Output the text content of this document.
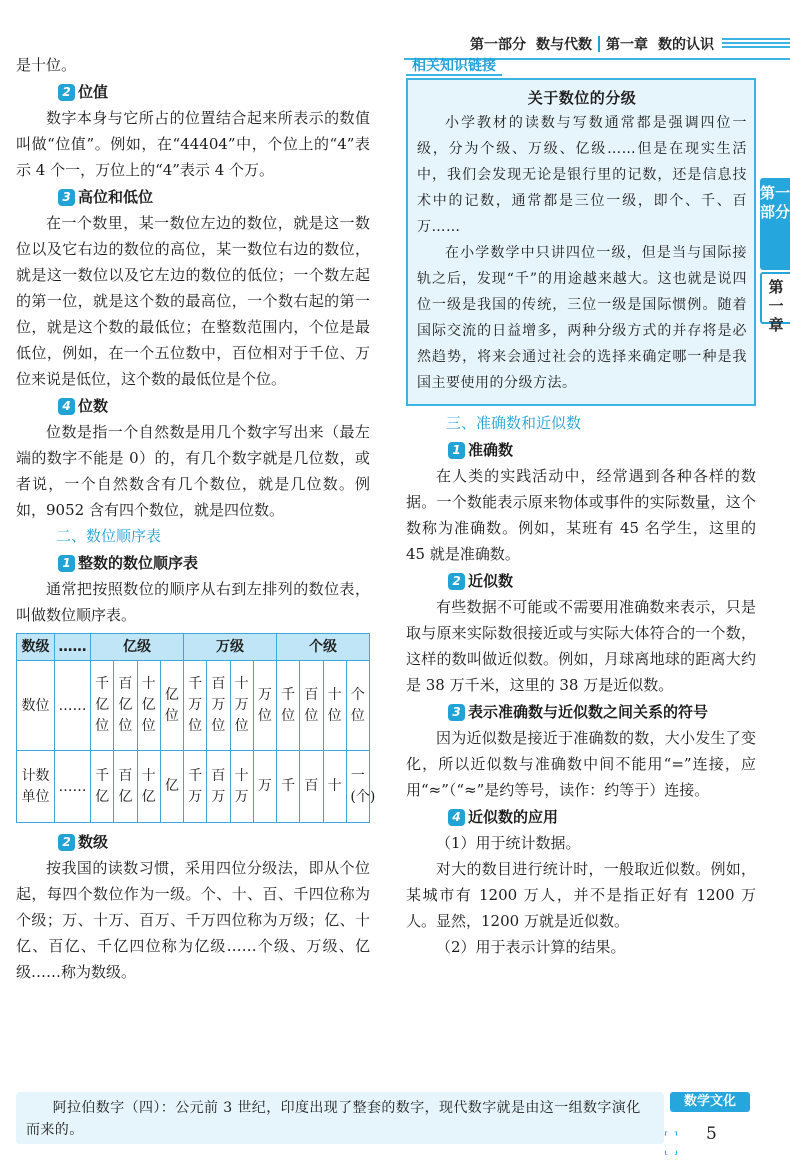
第一部分 数与代数 第一章 数的认识
第一部分
第一章

是十位。

2 位值

数字本身与它所占的位置结合起来所表示的数值叫做“位值”。例如，在“44404”中，个位上的“4”表示 4 个一，万位上的“4”表示 4 个万。

3 高位和低位

在一个数里，某一数位左边的数位，就是这一数位以及它右边的数位的高位，某一数位右边的数位，就是这一数位以及它左边的数位的低位；一个数左起的第一位，就是这个数的最高位，一个数右起的第一位，就是这个数的最低位；在整数范围内，个位是最低位，例如，在一个五位数中，百位相对于千位、万位来说是低位，这个数的最低位是个位。

4 位数

位数是指一个自然数是用几个数字写出来（最左端的数字不能是 0）的，有几个数字就是几位数，或者说，一个自然数含有几个数位，就是几位数。例如，9052 含有四个数位，就是四位数。

二、数位顺序表
1 整数的数位顺序表

通常把按照数位的顺序从右到左排列的数位表，叫做数位顺序表。

数级	……	亿级				万级				个级			
数位	……	千亿位	百亿位	十亿位	亿位	千万位	百万位	十万位	万位	千位	百位	十位	个位
计数单位	……	千亿	百亿	十亿	亿	千万	百万	十万	万	千	百	十	一(个)
2 数级

按我国的读数习惯，采用四位分级法，即从个位起，每四个数位作为一级。个、十、百、千四位称为个级；万、十万、百万、千万四位称为万级；亿、十亿、百亿、千亿四位称为亿级……个级、万级、亿级……称为数级。

相关知识链接
关于数位的分级

小学教材的读数与写数通常都是强调四位一级，分为个级、万级、亿级……但是在现实生活中，我们会发现无论是银行里的记数，还是信息技术中的记数，通常都是三位一级，即个、千、百万……

在小学数学中只讲四位一级，但是当与国际接轨之后，发现“千”的用途越来越大。这也就是说四位一级是我国的传统，三位一级是国际惯例。随着国际交流的日益增多，两种分级方式的并存将是必然趋势，将来会通过社会的选择来确定哪一种是我国主要使用的分级方法。

三、准确数和近似数
1 准确数

在人类的实践活动中，经常遇到各种各样的数据。一个数能表示原来物体或事件的实际数量，这个数称为准确数。例如，某班有 45 名学生，这里的 45 就是准确数。

2 近似数

有些数据不可能或不需要用准确数来表示，只是取与原来实际数很接近或与实际大体符合的一个数，这样的数叫做近似数。例如，月球离地球的距离大约是 38 万千米，这里的 38 万是近似数。

3 表示准确数与近似数之间关系的符号

因为近似数是接近于准确数的数，大小发生了变化，所以近似数与准确数中间不能用“=”连接，应用“≈”（“≈”是约等号，读作：约等于）连接。

4 近似数的应用

（1）用于统计数据。

对大的数目进行统计时，一般取近似数。例如，某城市有 1200 万人，并不是指正好有 1200 万人。显然，1200 万就是近似数。

（2）用于表示计算的结果。

阿拉伯数字（四）：公元前 3 世纪，印度出现了整套的数字，现代数字就是由这一组数字演化而来的。

数学文化
⸢ ⸣
⸤ ⸥
5
